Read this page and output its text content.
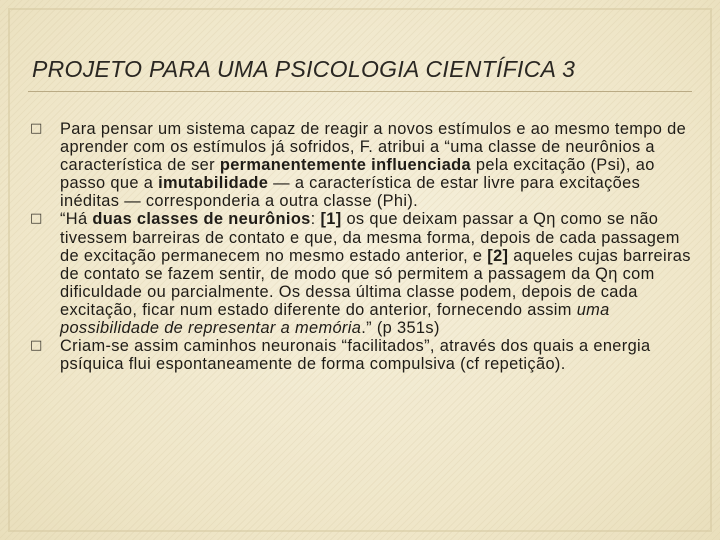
PROJETO PARA UMA PSICOLOGIA CIENTÍFICA 3
□	Para pensar um sistema capaz de reagir a novos estímulos e ao mesmo tempo de aprender com os estímulos já sofridos, F. atribui a “uma classe de neurônios a característica de ser permanentemente influenciada pela excitação (Psi), ao passo que a imutabilidade — a característica de estar livre para excitações inéditas — corresponderia a outra classe (Phi).
□	“Há duas classes de neurônios: [1] os que deixam passar a Qη como se não tivessem barreiras de contato e que, da mesma forma, depois de cada passagem de excitação permanecem no mesmo estado anterior, e [2] aqueles cujas barreiras de contato se fazem sentir, de modo que só permitem a passagem da Qη com dificuldade ou parcialmente. Os dessa última classe podem, depois de cada excitação, ficar num estado diferente do anterior, fornecendo assim uma possibilidade de representar a memória.” (p 351s)
□	Criam-se assim caminhos neuronais “facilitados”, através dos quais a energia psíquica flui espontaneamente de forma compulsiva (cf repetição).
